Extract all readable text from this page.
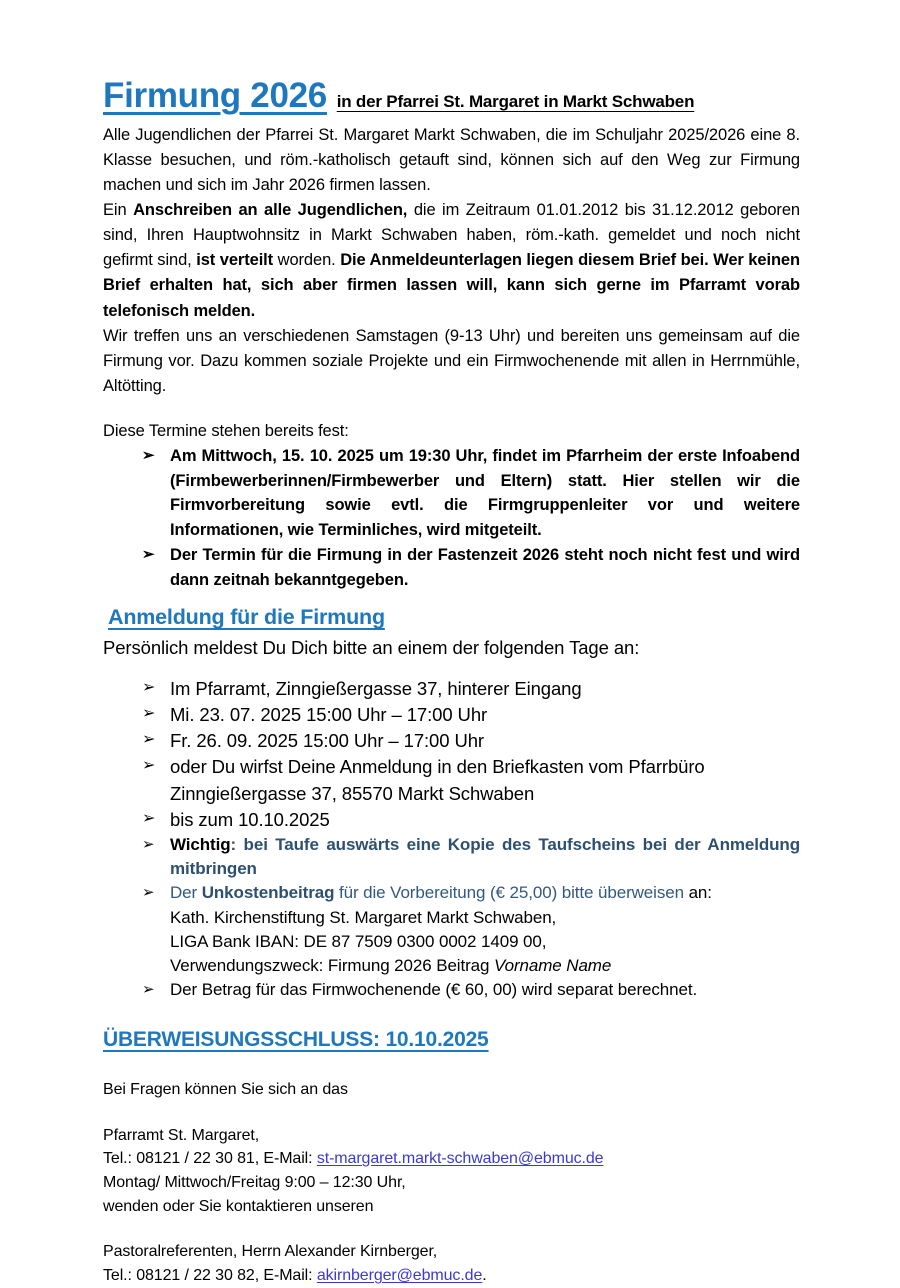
Firmung 2026 in der Pfarrei St. Margaret in Markt Schwaben

Alle Jugendlichen der Pfarrei St. Margaret Markt Schwaben, die im Schuljahr 2025/2026 eine 8. Klasse besuchen, und röm.-katholisch getauft sind, können sich auf den Weg zur Firmung machen und sich im Jahr 2026 firmen lassen.

Ein Anschreiben an alle Jugendlichen, die im Zeitraum 01.01.2012 bis 31.12.2012 geboren sind, Ihren Hauptwohnsitz in Markt Schwaben haben, röm.-kath. gemeldet und noch nicht gefirmt sind, ist verteilt worden. Die Anmeldeunterlagen liegen diesem Brief bei. Wer keinen Brief erhalten hat, sich aber firmen lassen will, kann sich gerne im Pfarramt vorab telefonisch melden.

Wir treffen uns an verschiedenen Samstagen (9-13 Uhr) und bereiten uns gemeinsam auf die Firmung vor. Dazu kommen soziale Projekte und ein Firmwochenende mit allen in Herrnmühle, Altötting.

Diese Termine stehen bereits fest:

➢ Am Mittwoch, 15. 10. 2025 um 19:30 Uhr, findet im Pfarrheim der erste Infoabend (Firmbewerberinnen/Firmbewerber und Eltern) statt. Hier stellen wir die Firmvorbereitung sowie evtl. die Firmgruppenleiter vor und weitere Informationen, wie Terminliches, wird mitgeteilt.
➢ Der Termin für die Firmung in der Fastenzeit 2026 steht noch nicht fest und wird dann zeitnah bekanntgegeben.
Anmeldung für die Firmung

Persönlich meldest Du Dich bitte an einem der folgenden Tage an:

➢ Im Pfarramt, Zinngießergasse 37, hinterer Eingang
➢ Mi. 23. 07. 2025 15:00 Uhr – 17:00 Uhr
➢ Fr. 26. 09. 2025 15:00 Uhr – 17:00 Uhr
➢ oder Du wirfst Deine Anmeldung in den Briefkasten vom Pfarrbüro
Zinngießergasse 37, 85570 Markt Schwaben
➢ bis zum 10.10.2025
➢ Wichtig: bei Taufe auswärts eine Kopie des Taufscheins bei der Anmeldung mitbringen
➢ Der Unkostenbeitrag für die Vorbereitung (€ 25,00) bitte überweisen an:
Kath. Kirchenstiftung St. Margaret Markt Schwaben,
LIGA Bank IBAN: DE 87 7509 0300 0002 1409 00,
Verwendungszweck: Firmung 2026 Beitrag Vorname Name
➢ Der Betrag für das Firmwochenende (€ 60, 00) wird separat berechnet.
ÜBERWEISUNGSSCHLUSS: 10.10.2025
Bei Fragen können Sie sich an das
Pfarramt St. Margaret,
Tel.: 08121 / 22 30 81, E-Mail: st-margaret.markt-schwaben@ebmuc.de
Montag/ Mittwoch/Freitag 9:00 – 12:30 Uhr,
wenden oder Sie kontaktieren unseren
Pastoralreferenten, Herrn Alexander Kirnberger,
Tel.: 08121 / 22 30 82, E-Mail: akirnberger@ebmuc.de.
